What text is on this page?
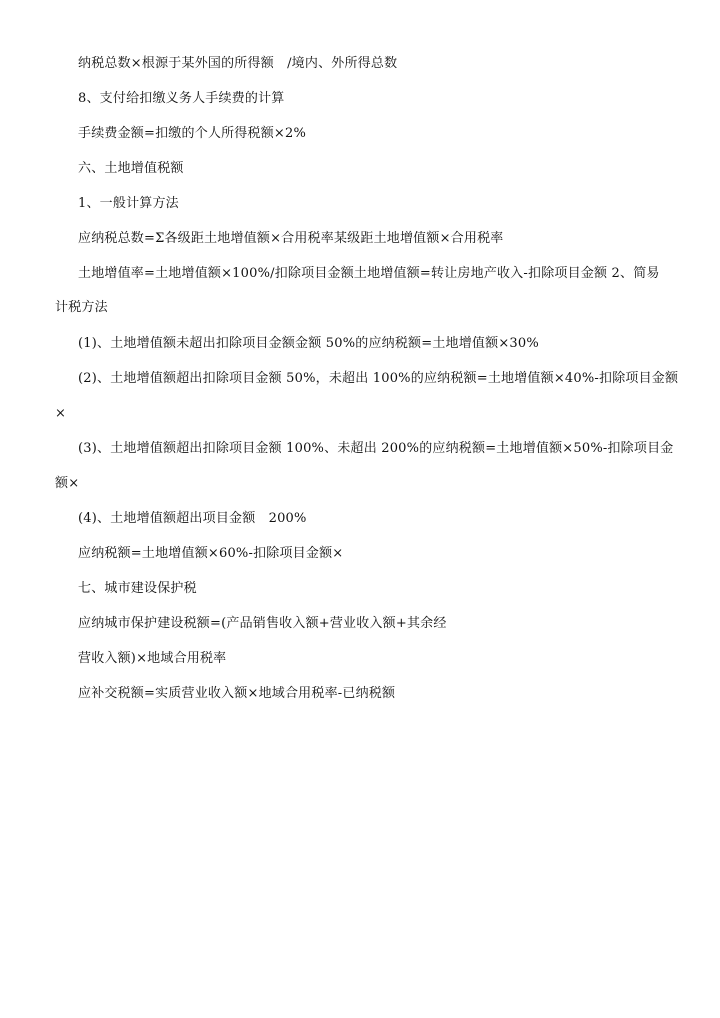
纳税总数×根源于某外国的所得额　/境内、外所得总数
8、支付给扣缴义务人手续费的计算
手续费金额=扣缴的个人所得税额×2%
六、土地增值税额
1、一般计算方法
应纳税总数=Σ各级距土地增值额×合用税率某级距土地增值额×合用税率
土地增值率=土地增值额×100%/扣除项目金额土地增值额=转让房地产收入-扣除项目金额 2、简易
计税方法
(1)、土地增值额未超出扣除项目金额金额 50%的应纳税额=土地增值额×30%
(2)、土地增值额超出扣除项目金额 50%，未超出 100%的应纳税额=土地增值额×40%-扣除项目金额
×
(3)、土地增值额超出扣除项目金额 100%、未超出 200%的应纳税额=土地增值额×50%-扣除项目金
额×
(4)、土地增值额超出项目金额　200%
应纳税额=土地增值额×60%-扣除项目金额×
七、城市建设保护税
应纳城市保护建设税额=(产品销售收入额+营业收入额+其余经
营收入额)×地域合用税率
应补交税额=实质营业收入额×地域合用税率-已纳税额
